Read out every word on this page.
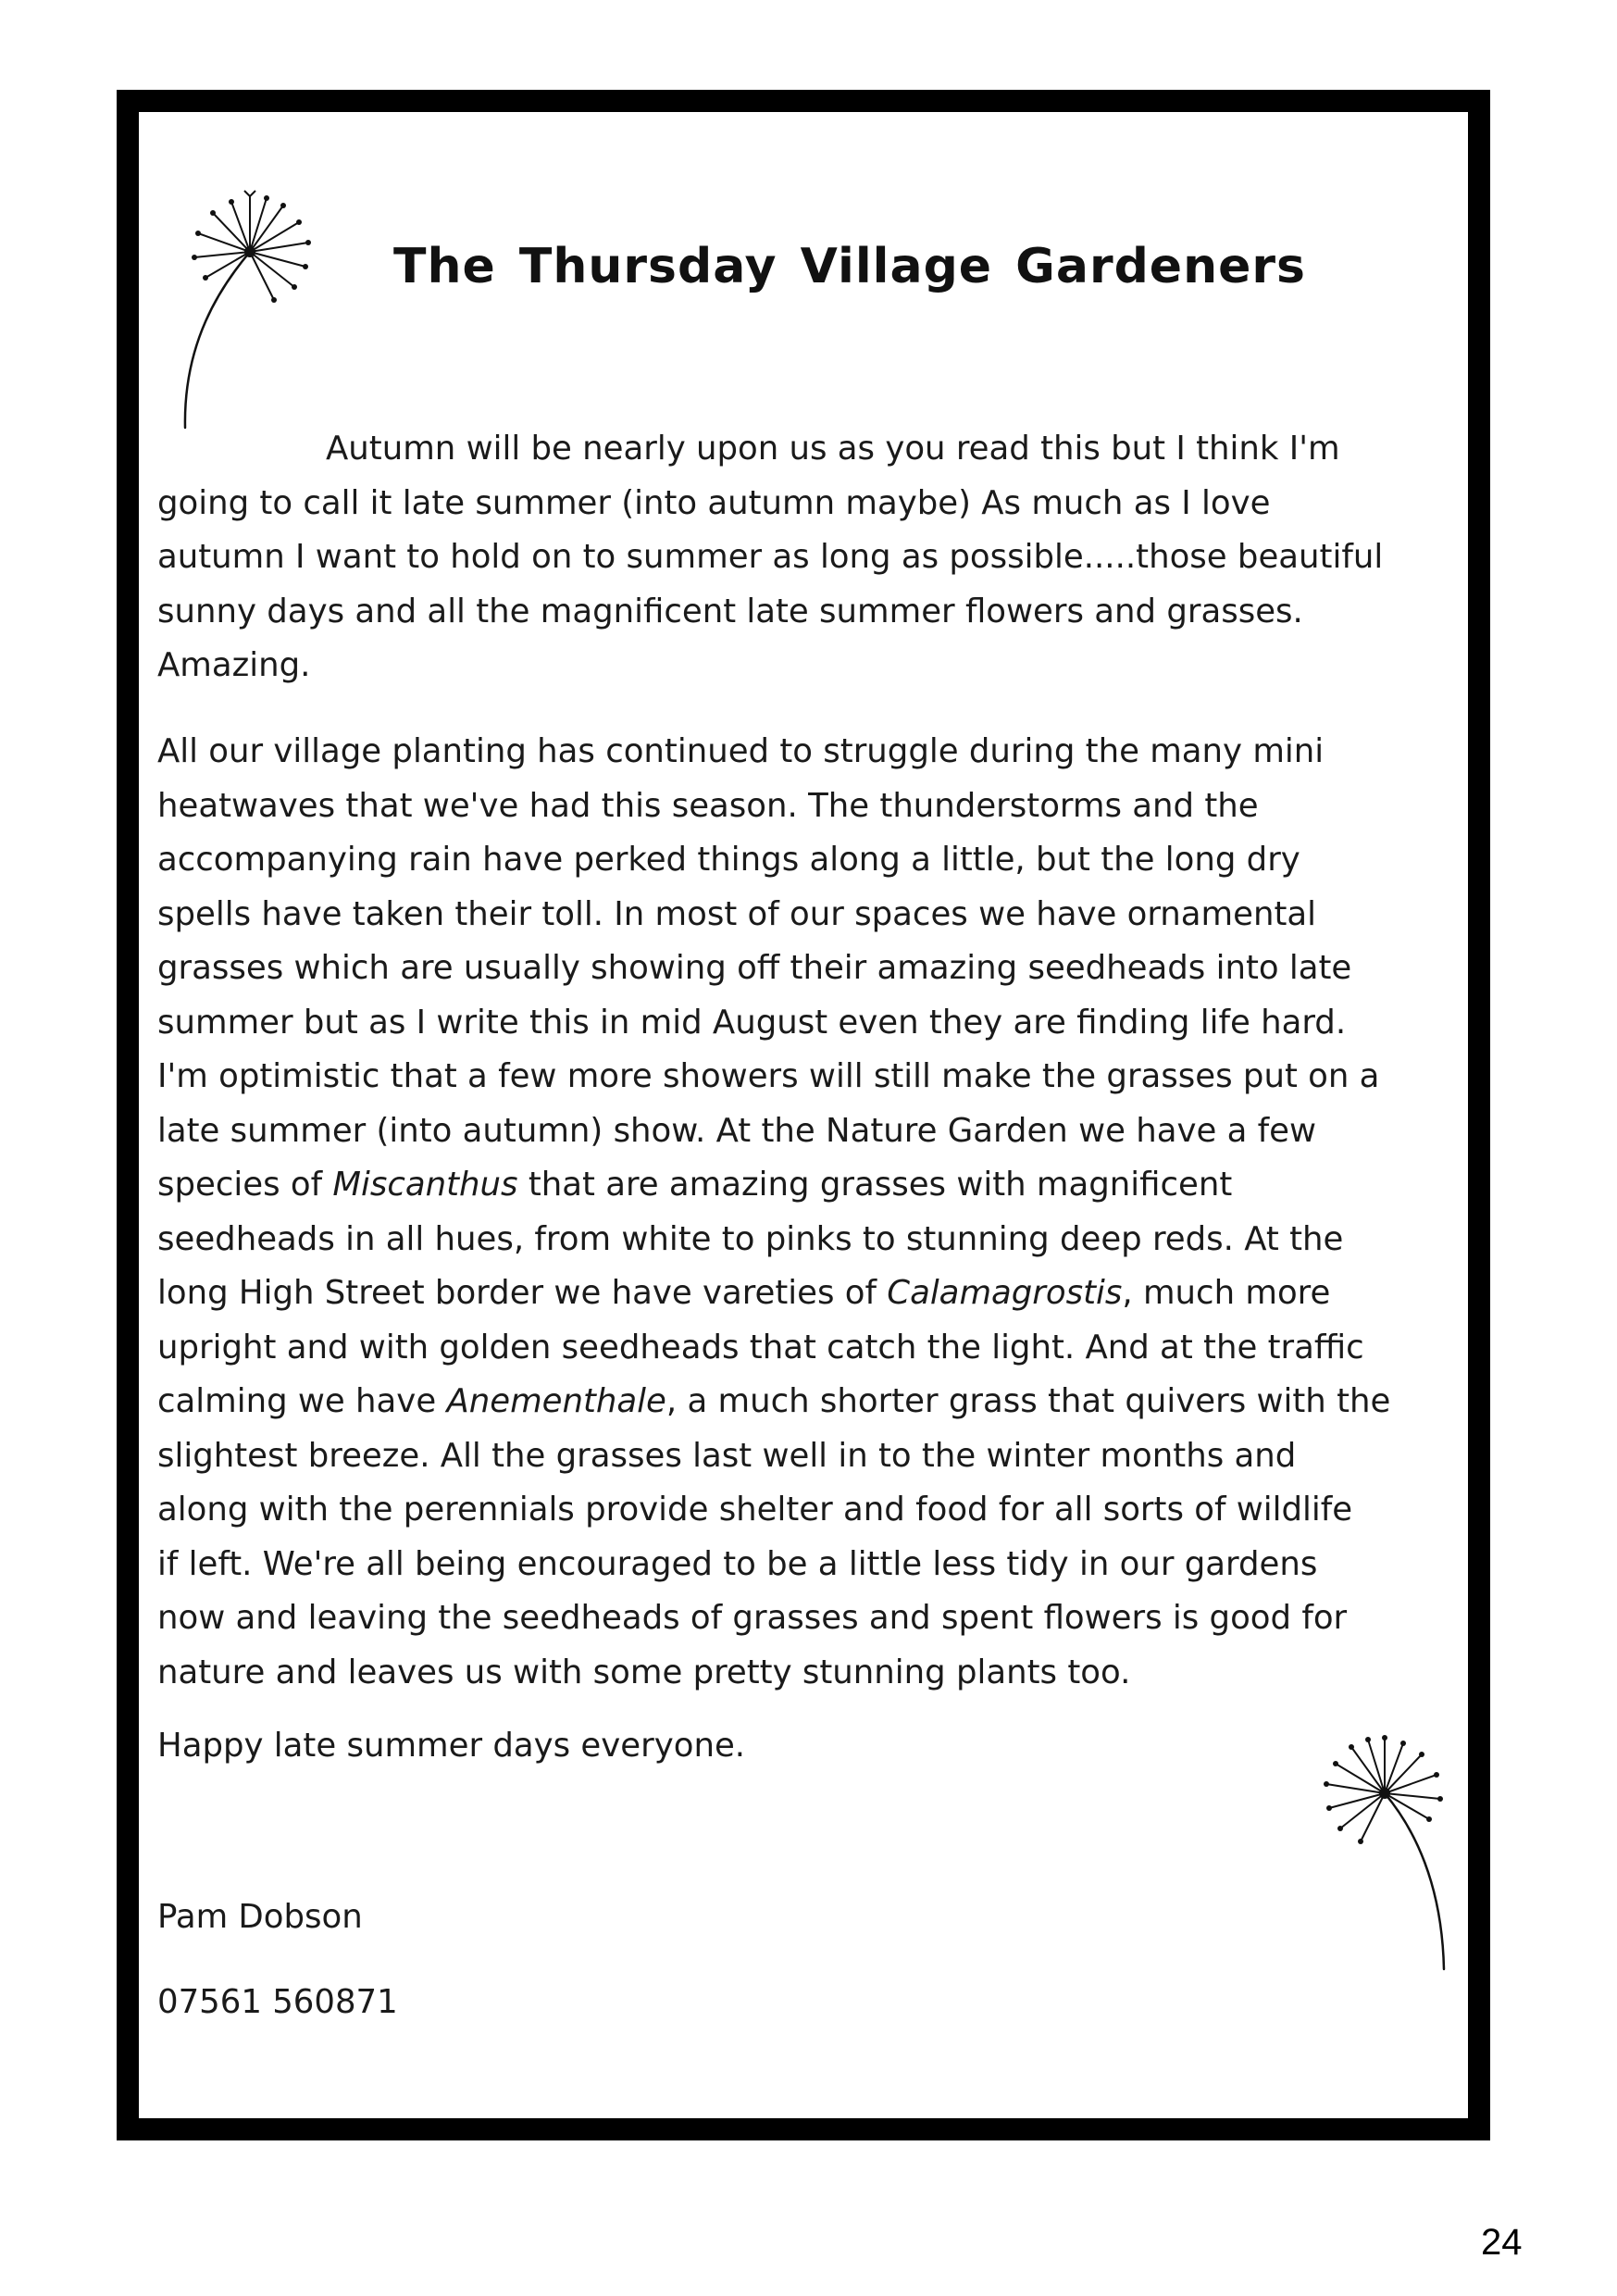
The Thursday Village Gardeners

Autumn will be nearly upon us as you read this but I think I'm
going to call it late summer (into autumn maybe) As much as I love
autumn I want to hold on to summer as long as possible.....those beautiful
sunny days and all the magnificent late summer flowers and grasses.
Amazing.

All our village planting has continued to struggle during the many mini
heatwaves that we've had this season. The thunderstorms and the
accompanying rain have perked things along a little, but the long dry
spells have taken their toll. In most of our spaces we have ornamental
grasses which are usually showing off their amazing seedheads into late
summer but as I write this in mid August even they are finding life hard.
I'm optimistic that a few more showers will still make the grasses put on a
late summer (into autumn) show. At the Nature Garden we have a few
species of Miscanthus that are amazing grasses with magnificent
seedheads in all hues, from white to pinks to stunning deep reds. At the
long High Street border we have vareties of Calamagrostis, much more
upright and with golden seedheads that catch the light. And at the traffic
calming we have Anementhale, a much shorter grass that quivers with the
slightest breeze. All the grasses last well in to the winter months and
along with the perennials provide shelter and food for all sorts of wildlife
if left. We're all being encouraged to be a little less tidy in our gardens
now and leaving the seedheads of grasses and spent flowers is good for
nature and leaves us with some pretty stunning plants too.

Happy late summer days everyone.
Pam Dobson
07561 560871
24
